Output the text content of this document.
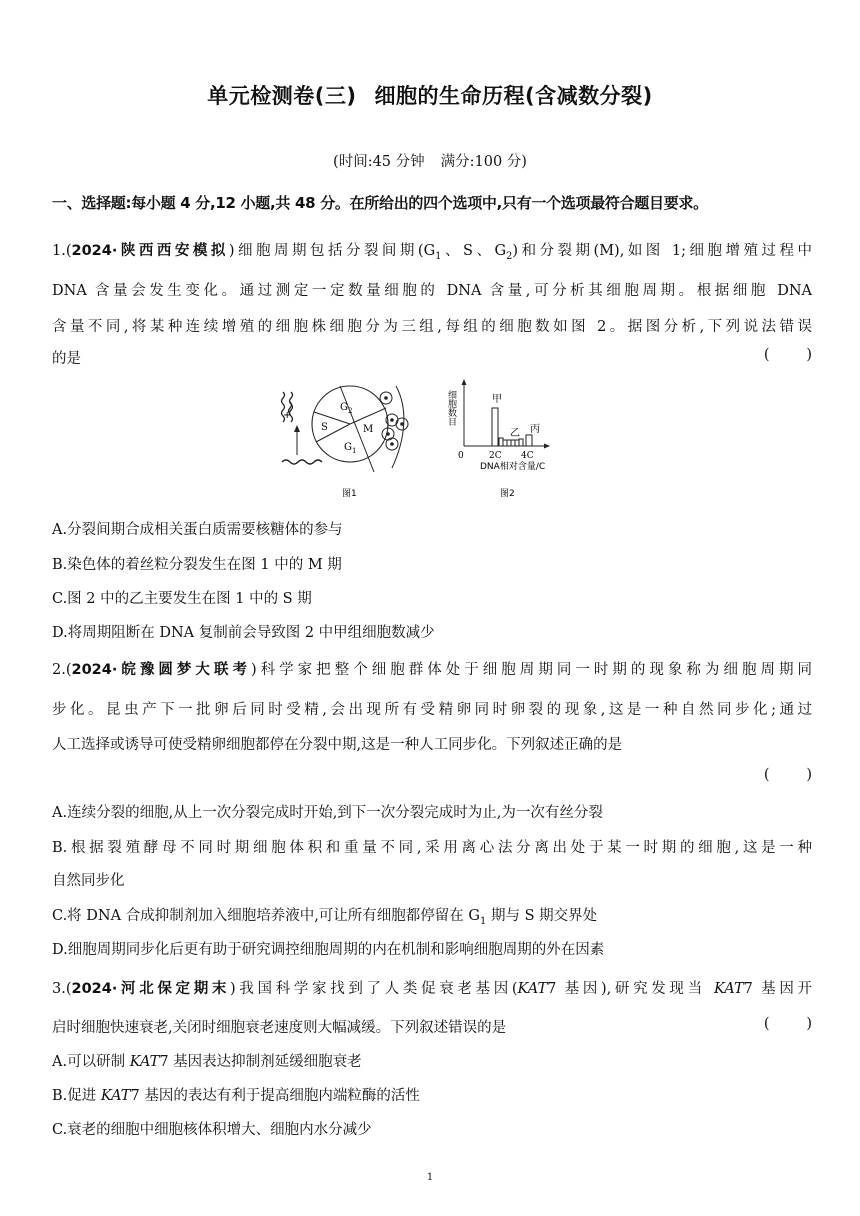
单元检测卷(三) 细胞的生命历程(含减数分裂)
(时间:45 分钟 满分:100 分)
一、选择题:每小题 4 分,12 小题,共 48 分。在所给出的四个选项中,只有一个选项最符合题目要求。
1.(2024·陕西西安模拟)细胞周期包括分裂间期($G_1$、S、$G_2$)和分裂期(M),如图 1;细胞增殖过程中
DNA 含量会发生变化。通过测定一定数量细胞的 DNA 含量,可分析其细胞周期。根据细胞 DNA
含量不同,将某种连续增殖的细胞株细胞分为三组,每组的细胞数如图 2。据图分析,下列说法错误
的是	(        )
+
$G_2$
S	M
$G_1$
图1
细胞数目	甲
乙 丙
0	2C 4C
DNA相对含量/C
图2
A.分裂间期合成相关蛋白质需要核糖体的参与
B.染色体的着丝粒分裂发生在图 1 中的 M 期
C.图 2 中的乙主要发生在图 1 中的 S 期
D.将周期阻断在 DNA 复制前会导致图 2 中甲组细胞数减少
2.(2024·皖豫圆梦大联考)科学家把整个细胞群体处于细胞周期同一时期的现象称为细胞周期同
步化。昆虫产下一批卵后同时受精,会出现所有受精卵同时卵裂的现象,这是一种自然同步化;通过
人工选择或诱导可使受精卵细胞都停在分裂中期,这是一种人工同步化。下列叙述正确的是
(        )
A.连续分裂的细胞,从上一次分裂完成时开始,到下一次分裂完成时为止,为一次有丝分裂
B.根据裂殖酵母不同时期细胞体积和重量不同,采用离心法分离出处于某一时期的细胞,这是一种
自然同步化
C.将 DNA 合成抑制剂加入细胞培养液中,可让所有细胞都停留在 $G_1$ 期与 S 期交界处
D.细胞周期同步化后更有助于研究调控细胞周期的内在机制和影响细胞周期的外在因素
3.(2024·河北保定期末)我国科学家找到了人类促衰老基因(KAT7 基因),研究发现当 KAT7 基因开
启时细胞快速衰老,关闭时细胞衰老速度则大幅减缓。下列叙述错误的是	(        )
A.可以研制 KAT7 基因表达抑制剂延缓细胞衰老
B.促进 KAT7 基因的表达有利于提高细胞内端粒酶的活性
C.衰老的细胞中细胞核体积增大、细胞内水分减少
1
